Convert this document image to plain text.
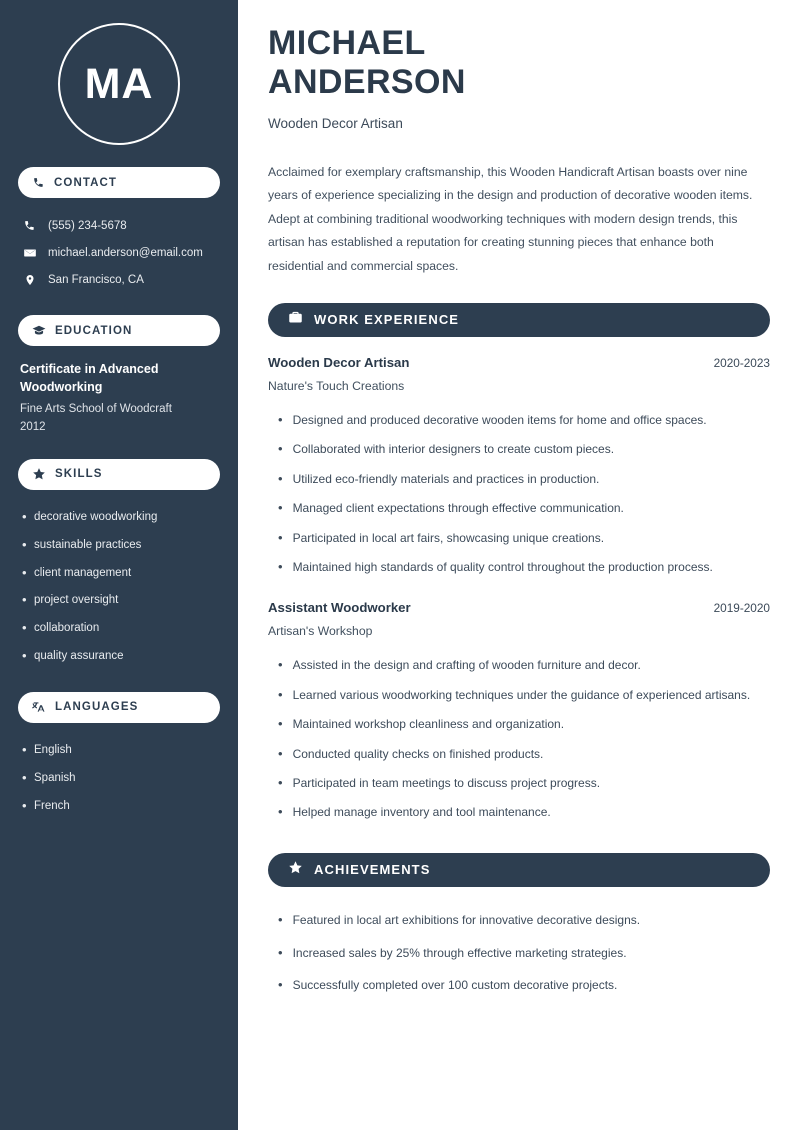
MA
CONTACT
(555) 234-5678
michael.anderson@email.com
San Francisco, CA
EDUCATION
Certificate in Advanced Woodworking
Fine Arts School of Woodcraft
2012
SKILLS
• decorative woodworking
• sustainable practices
• client management
• project oversight
• collaboration
• quality assurance
LANGUAGES
• English
• Spanish
• French
MICHAEL
ANDERSON
Wooden Decor Artisan

Acclaimed for exemplary craftsmanship, this Wooden Handicraft Artisan boasts over nine years of experience specializing in the design and production of decorative wooden items. Adept at combining traditional woodworking techniques with modern design trends, this artisan has established a reputation for creating stunning pieces that enhance both residential and commercial spaces.

WORK EXPERIENCE
Wooden Decor Artisan	2020-2023
Nature's Touch Creations
• Designed and produced decorative wooden items for home and office spaces.
• Collaborated with interior designers to create custom pieces.
• Utilized eco-friendly materials and practices in production.
• Managed client expectations through effective communication.
• Participated in local art fairs, showcasing unique creations.
• Maintained high standards of quality control throughout the production process.
Assistant Woodworker	2019-2020
Artisan's Workshop
• Assisted in the design and crafting of wooden furniture and decor.
• Learned various woodworking techniques under the guidance of experienced artisans.
• Maintained workshop cleanliness and organization.
• Conducted quality checks on finished products.
• Participated in team meetings to discuss project progress.
• Helped manage inventory and tool maintenance.
ACHIEVEMENTS
• Featured in local art exhibitions for innovative decorative designs.
• Increased sales by 25% through effective marketing strategies.
• Successfully completed over 100 custom decorative projects.
